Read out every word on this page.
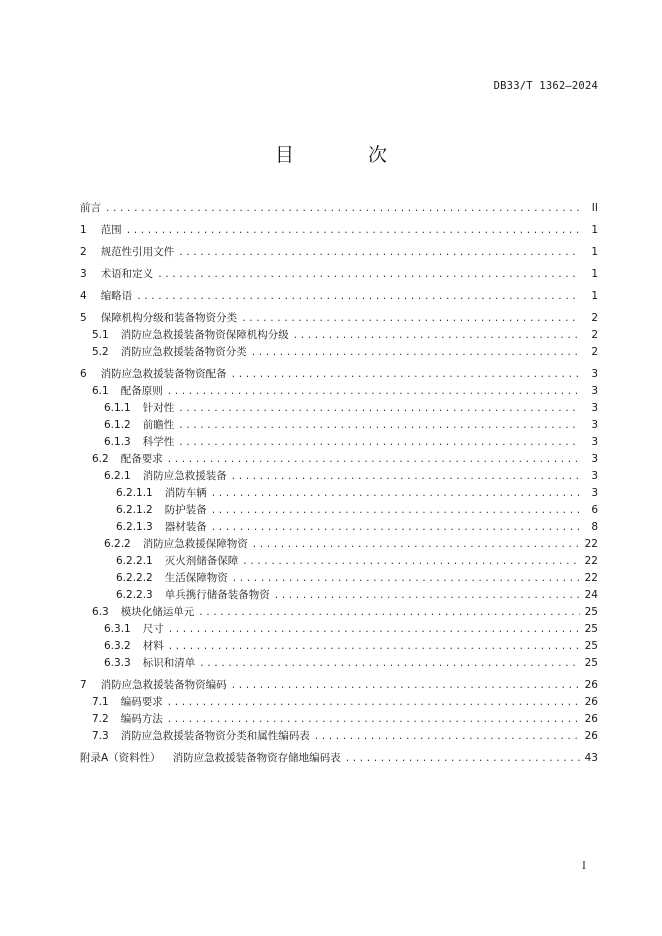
DB33/T 1362—2024
目 次
前言 .....	II
1 范围 .....	1
2 规范性引用文件 .....	1
3 术语和定义 .....	1
4 缩略语 .....	1
5 保障机构分级和装备物资分类 .....	2
5.1 消防应急救援装备物资保障机构分级 .....	2
5.2 消防应急救援装备物资分类 .....	2
6 消防应急救援装备物资配备 .....	3
6.1 配备原则 .....	3
6.1.1 针对性 .....	3
6.1.2 前瞻性 .....	3
6.1.3 科学性 .....	3
6.2 配备要求 .....	3
6.2.1 消防应急救援装备 .....	3
6.2.1.1 消防车辆 .....	3
6.2.1.2 防护装备 .....	6
6.2.1.3 器材装备 .....	8
6.2.2 消防应急救援保障物资 .....	22
6.2.2.1 灭火剂储备保障 .....	22
6.2.2.2 生活保障物资 .....	22
6.2.2.3 单兵携行储备装备物资 .....	24
6.3 模块化储运单元 .....	25
6.3.1 尺寸 .....	25
6.3.2 材料 .....	25
6.3.3 标识和清单 .....	25
7 消防应急救援装备物资编码 .....	26
7.1 编码要求 .....	26
7.2 编码方法 .....	26
7.3 消防应急救援装备物资分类和属性编码表 .....	26
附录A（资料性） 消防应急救援装备物资存储地编码表 .....	43
I
